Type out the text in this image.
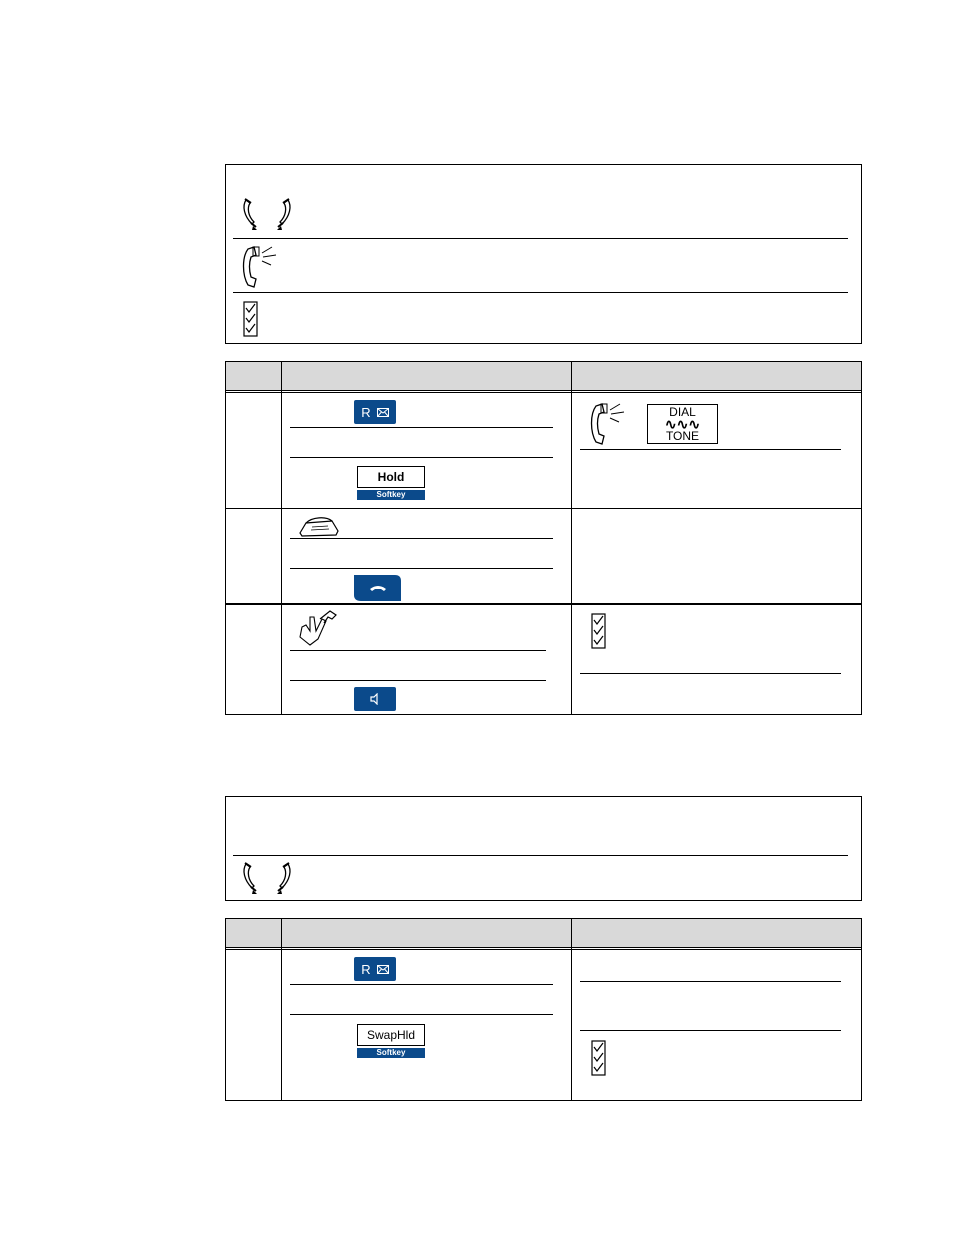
R
Hold
Softkey
DIAL
∿∿∿
TONE
R
SwapHld
Softkey
